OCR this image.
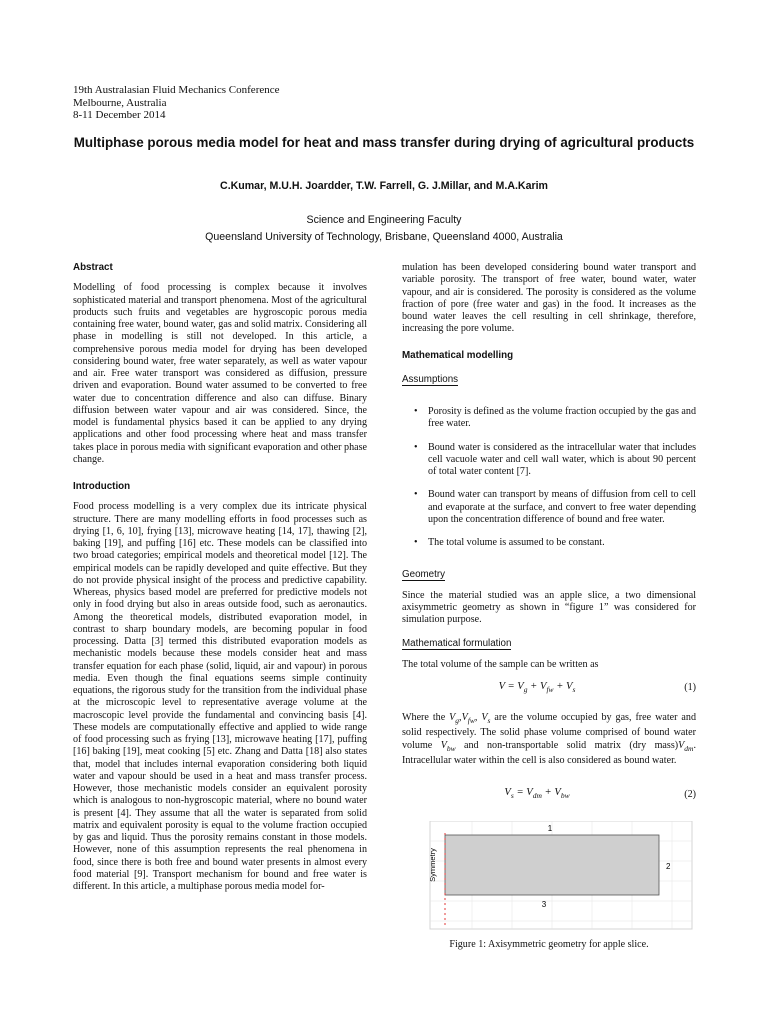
19th Australasian Fluid Mechanics Conference
Melbourne, Australia
8-11 December 2014
Multiphase porous media model for heat and mass transfer during drying of agricultural products
C.Kumar, M.U.H. Joardder, T.W. Farrell, G. J.Millar, and M.A.Karim
Science and Engineering Faculty
Queensland University of Technology, Brisbane, Queensland 4000, Australia
Abstract

Modelling of food processing is complex because it involves sophisticated material and transport phenomena. Most of the agricultural products such fruits and vegetables are hygroscopic porous media containing free water, bound water, gas and solid matrix. Considering all phase in modelling is still not developed. In this article, a comprehensive porous media model for drying has been developed considering bound water, free water separately, as well as water vapour and air. Free water transport was considered as diffusion, pressure driven and evaporation. Bound water assumed to be converted to free water due to concentration difference and also can diffuse. Binary diffusion between water vapour and air was considered. Since, the model is fundamental physics based it can be applied to any drying applications and other food processing where heat and mass transfer takes place in porous media with significant evaporation and other phase change.

Introduction

Food process modelling is a very complex due its intricate physical structure. There are many modelling efforts in food processes such as drying [1, 6, 10], frying [13], microwave heating [14, 17], thawing [2], baking [19], and puffing [16] etc. These models can be classified into two broad categories; empirical models and theoretical model [12]. The empirical models can be rapidly developed and quite effective. But they do not provide physical insight of the process and predictive capability. Whereas, physics based model are preferred for predictive models not only in food drying but also in areas outside food, such as aeronautics. Among the theoretical models, distributed evaporation model, in contrast to sharp boundary models, are becoming popular in food processing. Datta [3] termed this distributed evaporation models as mechanistic models because these models consider heat and mass transfer equation for each phase (solid, liquid, air and vapour) in porous media. Even though the final equations seems simple continuity equations, the rigorous study for the transition from the individual phase at the microscopic level to representative average volume at the macroscopic level provide the fundamental and convincing basis [4]. These models are computationally effective and applied to wide range of food processing such as frying [13], microwave heating [17], puffing [16] baking [19], meat cooking [5] etc. Zhang and Datta [18] also states that, model that includes internal evaporation considering both liquid water and vapour should be used in a heat and mass transfer process. However, those mechanistic models consider an equivalent porosity which is analogous to non-hygroscopic material, where no bound water is present [4]. They assume that all the water is separated from solid matrix and equivalent porosity is equal to the volume fraction occupied by gas and liquid. Thus the porosity remains constant in those models. However, none of this assumption represents the real phenomena in food, since there is both free and bound water presents in almost every food material [9]. Transport mechanism for bound and free water is different. In this article, a multiphase porous media model for-

mulation has been developed considering bound water transport and variable porosity. The transport of free water, bound water, water vapour, and air is considered. The porosity is considered as the volume fraction of pore (free water and gas) in the food. It increases as the bound water leaves the cell resulting in cell shrinkage, therefore, increasing the pore volume.

Mathematical modelling
Assumptions
• Porosity is defined as the volume fraction occupied by the gas and free water.
• Bound water is considered as the intracellular water that includes cell vacuole water and cell wall water, which is about 90 percent of total water content [7].
• Bound water can transport by means of diffusion from cell to cell and evaporate at the surface, and convert to free water depending upon the concentration difference of bound and free water.
• The total volume is assumed to be constant.
Geometry

Since the material studied was an apple slice, a two dimensional axisymmetric geometry as shown in “figure 1” was considered for simulation purpose.

Mathematical formulation

The total volume of the sample can be written as

$V = V_g + V_{fw} + V_s$	(1)

Where the $V_g,V_{fw}$, $V_s$ are the volume occupied by gas, free water and solid respectively. The solid phase volume comprised of bound water volume $V_{bw}$ and non-transportable solid matrix (dry $mass)V_{dm}$. Intracellular water within the cell is also considered as bound water.

$V_s = V_{dm} + V_{bw}$	(2)
1
2
3
Symmetry
Figure 1: Axisymmetric geometry for apple slice.
